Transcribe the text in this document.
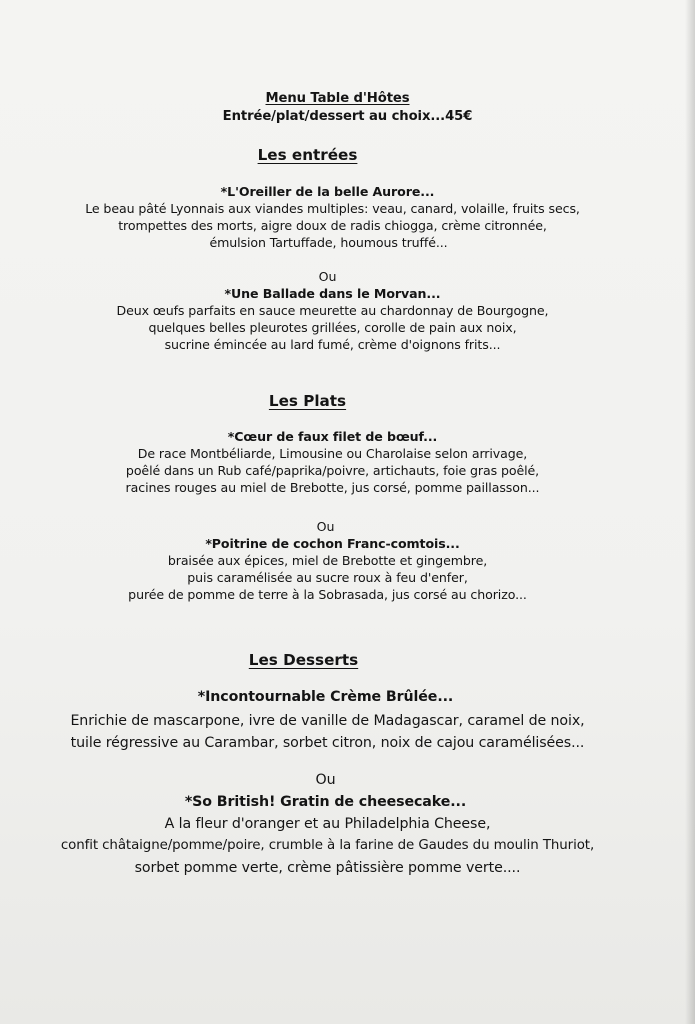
Menu Table d'Hôtes

Entrée/plat/dessert au choix...45€

Les entrées

*L'Oreiller de la belle Aurore...

Le beau pâté Lyonnais aux viandes multiples: veau, canard, volaille, fruits secs,

trompettes des morts, aigre doux de radis chiogga, crème citronnée,

émulsion Tartuffade, houmous truffé...

Ou

*Une Ballade dans le Morvan...

Deux œufs parfaits en sauce meurette au chardonnay de Bourgogne,

quelques belles pleurotes grillées, corolle de pain aux noix,

sucrine émincée au lard fumé, crème d'oignons frits...

Les Plats

*Cœur de faux filet de bœuf...

De race Montbéliarde, Limousine ou Charolaise selon arrivage,

poêlé dans un Rub café/paprika/poivre, artichauts, foie gras poêlé,

racines rouges au miel de Brebotte, jus corsé, pomme paillasson...

Ou

*Poitrine de cochon Franc-comtois...

braisée aux épices, miel de Brebotte et gingembre,

puis caramélisée au sucre roux à feu d'enfer,

purée de pomme de terre à la Sobrasada, jus corsé au chorizo...

Les Desserts

*Incontournable Crème Brûlée...

Enrichie de mascarpone, ivre de vanille de Madagascar, caramel de noix,

tuile régressive au Carambar, sorbet citron, noix de cajou caramélisées...

Ou

*So British! Gratin de cheesecake...

A la fleur d'oranger et au Philadelphia Cheese,

confit châtaigne/pomme/poire, crumble à la farine de Gaudes du moulin Thuriot,

sorbet pomme verte, crème pâtissière pomme verte....
